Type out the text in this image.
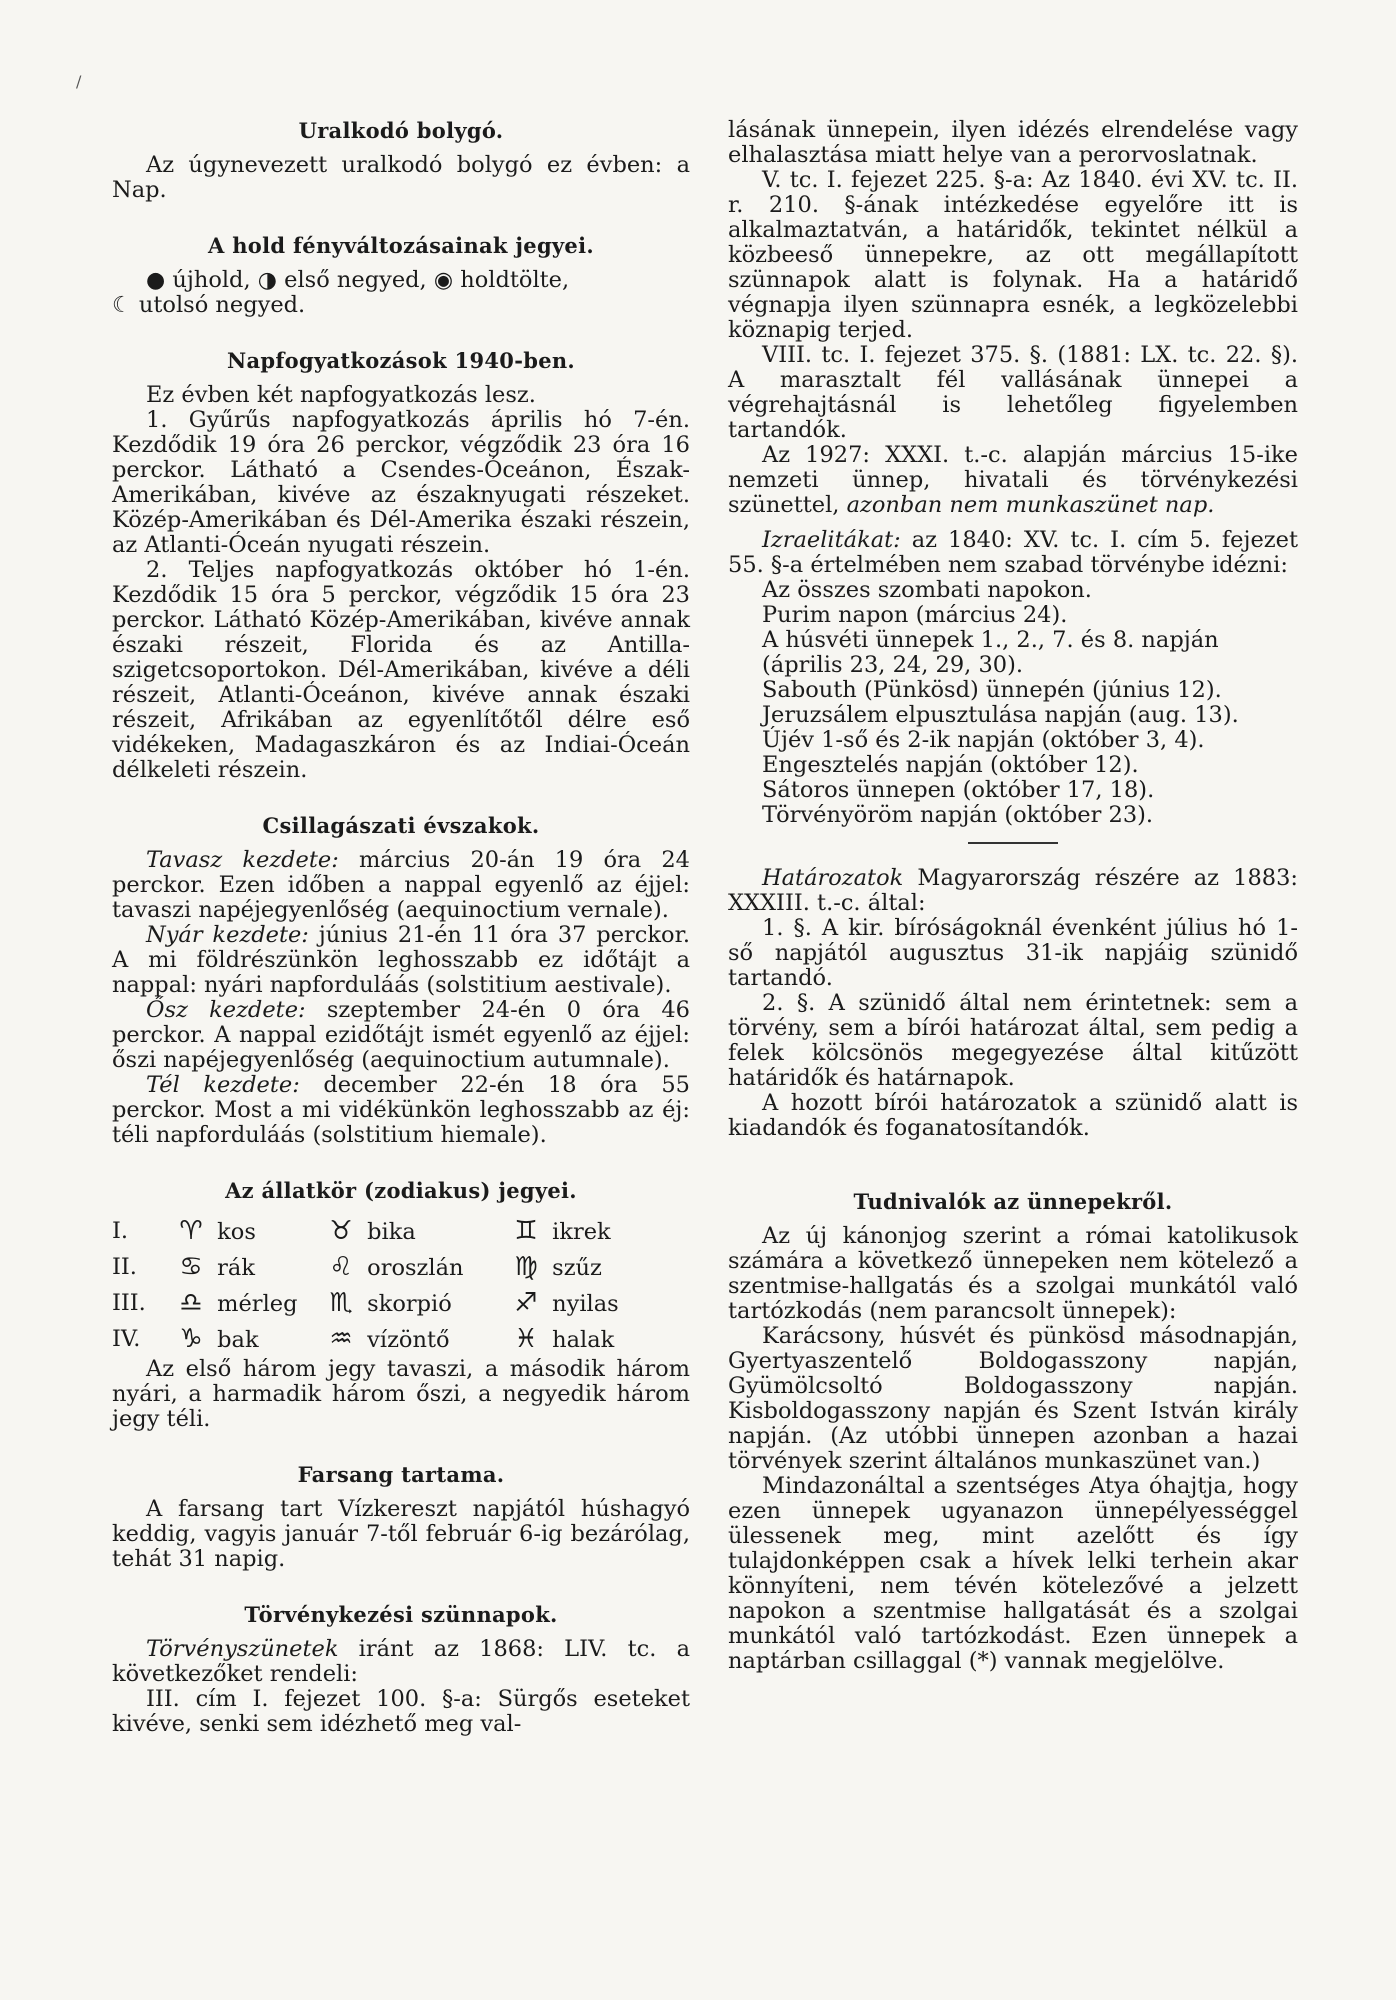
/
Uralkodó bolygó.

Az úgynevezett uralkodó bolygó ez évben: a Nap.

A hold fényváltozásainak jegyei.

● újhold, ◑ első negyed, ◉ holdtölte,

☾ utolsó negyed.

Napfogyatkozások 1940-ben.

Ez évben két napfogyatkozás lesz.

1. Gyűrűs napfogyatkozás április hó 7-én. Kezdődik 19 óra 26 perckor, végződik 23 óra 16 perckor. Látható a Csendes-Óceánon, Észak-Amerikában, kivéve az északnyugati részeket. Közép-Amerikában és Dél-Amerika északi részein, az Atlanti-Óceán nyugati részein.

2. Teljes napfogyatkozás október hó 1-én. Kezdődik 15 óra 5 perckor, végződik 15 óra 23 perckor. Látható Közép-Amerikában, kivéve annak északi részeit, Florida és az Antilla-szigetcsoportokon. Dél-Amerikában, kivéve a déli részeit, Atlanti-Óceánon, kivéve annak északi részeit, Afrikában az egyenlítőtől délre eső vidékeken, Madagaszkáron és az Indiai-Óceán délkeleti részein.

Csillagászati évszakok.

Tavasz kezdete: március 20-án 19 óra 24 perckor. Ezen időben a nappal egyenlő az éjjel: tavaszi napéjegyenlőség (aequinoctium vernale).

Nyár kezdete: június 21-én 11 óra 37 perckor. A mi földrészünkön leghosszabb ez időtájt a nappal: nyári napforduláás (solstitium aestivale).

Ősz kezdete: szeptember 24-én 0 óra 46 perckor. A nappal ezidőtájt ismét egyenlő az éjjel: őszi napéjegyenlőség (aequinoctium autumnale).

Tél kezdete: december 22-én 18 óra 55 perckor. Most a mi vidékünkön leghosszabb az éj: téli napforduláás (solstitium hiemale).

Az állatkör (zodiakus) jegyei.
I.	♈ kos	♉ bika	♊ ikrek
II.	♋ rák	♌ oroszlán	♍ szűz
III.	♎ mérleg	♏ skorpió	♐ nyilas
IV.	♑ bak	♒ vízöntő	♓ halak

Az első három jegy tavaszi, a második három nyári, a harmadik három őszi, a negyedik három jegy téli.

Farsang tartama.

A farsang tart Vízkereszt napjától húshagyó keddig, vagyis január 7-től február 6-ig bezárólag, tehát 31 napig.

Törvénykezési szünnapok.

Törvényszünetek iránt az 1868: LIV. tc. a következőket rendeli:

III. cím I. fejezet 100. §-a: Sürgős eseteket kivéve, senki sem idézhető meg val-

lásának ünnepein, ilyen idézés elrendelése vagy elhalasztása miatt helye van a perorvoslatnak.

V. tc. I. fejezet 225. §-a: Az 1840. évi XV. tc. II. r. 210. §-ának intézkedése egyelőre itt is alkalmaztatván, a határidők, tekintet nélkül a közbeeső ünnepekre, az ott megállapított szünnapok alatt is folynak. Ha a határidő végnapja ilyen szünnapra esnék, a legközelebbi köznapig terjed.

VIII. tc. I. fejezet 375. §. (1881: LX. tc. 22. §). A marasztalt fél vallásának ünnepei a végrehajtásnál is lehetőleg figyelemben tartandók.

Az 1927: XXXI. t.-c. alapján március 15-ike nemzeti ünnep, hivatali és törvénykezési szünettel, azonban nem munkaszünet nap.

Izraelitákat: az 1840: XV. tc. I. cím 5. fejezet 55. §-a értelmében nem szabad törvénybe idézni:

Az összes szombati napokon.

Purim napon (március 24).

A húsvéti ünnepek 1., 2., 7. és 8. napján (április 23, 24, 29, 30).

Sabouth (Pünkösd) ünnepén (június 12).

Jeruzsálem elpusztulása napján (aug. 13).

Újév 1-ső és 2-ik napján (október 3, 4).

Engesztelés napján (október 12).

Sátoros ünnepen (október 17, 18).

Törvényöröm napján (október 23).

Határozatok Magyarország részére az 1883: XXXIII. t.-c. által:

1. §. A kir. bíróságoknál évenként július hó 1-ső napjától augusztus 31-ik napjáig szünidő tartandó.

2. §. A szünidő által nem érintetnek: sem a törvény, sem a bírói határozat által, sem pedig a felek kölcsönös megegyezése által kitűzött határidők és határnapok.

A hozott bírói határozatok a szünidő alatt is kiadandók és foganatosítandók.

Tudnivalók az ünnepekről.

Az új kánonjog szerint a római katolikusok számára a következő ünnepeken nem kötelező a szentmise-hallgatás és a szolgai munkától való tartózkodás (nem parancsolt ünnepek):

Karácsony, húsvét és pünkösd másodnapján, Gyertyaszentelő Boldogasszony napján, Gyümölcsoltó Boldogasszony napján. Kisboldogasszony napján és Szent István király napján. (Az utóbbi ünnepen azonban a hazai törvények szerint általános munkaszünet van.)

Mindazonáltal a szentséges Atya óhajtja, hogy ezen ünnepek ugyanazon ünnepélyességgel ülessenek meg, mint azelőtt és így tulajdonképpen csak a hívek lelki terhein akar könnyíteni, nem tévén kötelezővé a jelzett napokon a szentmise hallgatását és a szolgai munkától való tartózkodást. Ezen ünnepek a naptárban csillaggal (*) vannak megjelölve.
